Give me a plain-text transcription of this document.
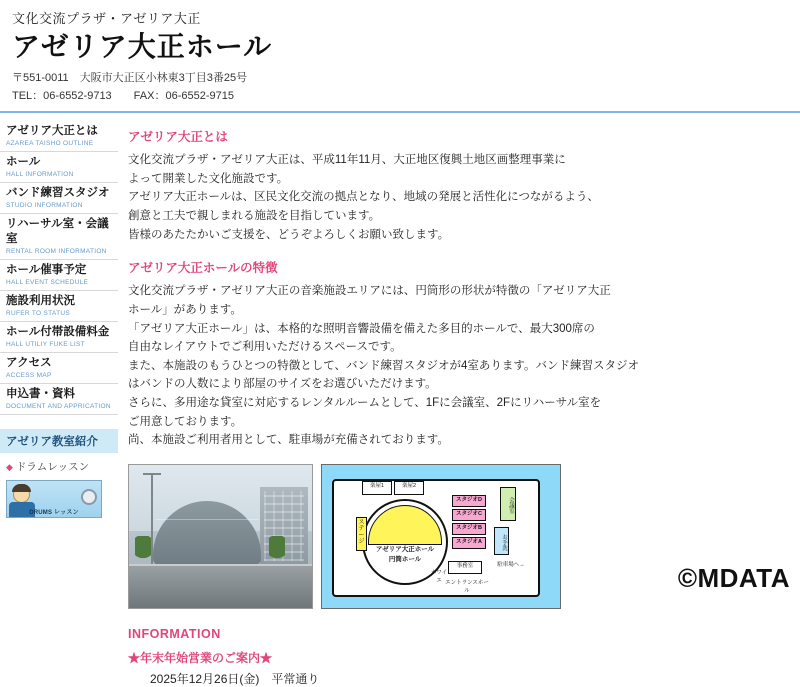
文化交流プラザ・アゼリア大正
アゼリア大正ホール
〒551-0011　大阪市大正区小林東3丁目3番25号
TEL：06-6552-9713　　FAX：06-6552-9715
アゼリア大正とは
AZAREA TAISHO OUTLINE
ホール
HALL INFORMATION
バンド練習スタジオ
STUDIO INFORMATION
リハーサル室・会議室
RENTAL ROOM INFORMATION
ホール催事予定
HALL EVENT SCHEDULE
施設利用状況
RUFER TO STATUS
ホール付帯設備料金
HALL UTILIY FUKE LIST
アクセス
ACCESS MAP
申込書・資料
DOCUMENT AND APPRICATION
アゼリア教室紹介
◆ ドラムレッスン
DRUMS レッスン
アゼリア大正とは

文化交流プラザ・アゼリア大正は、平成11年11月、大正地区復興土地区画整理事業に

よって開業した文化施設です。

アゼリア大正ホールは、区民文化交流の拠点となり、地域の発展と活性化につながるよう、

創意と工夫で親しまれる施設を目指しています。

皆様のあたたかいご支援を、どうぞよろしくお願い致します。

アゼリア大正ホールの特徴

文化交流プラザ・アゼリア大正の音楽施設エリアには、円筒形の形状が特徴の「アゼリア大正

ホール」があります。

「アゼリア大正ホール」は、本格的な照明音響設備を備えた多目的ホールで、最大300席の

自由なレイアウトでご利用いただけるスペースです。

また、本施設のもうひとつの特徴として、バンド練習スタジオが4室あります。バンド練習スタジオ

はバンドの人数により部屋のサイズをお選びいただけます。

さらに、多用途な貸室に対応するレンタルルームとして、1Fに会議室、2Fにリハーサル室を

ご用意しております。

尚、本施設ご利用者用として、駐車場が充備されております。

楽屋1	楽屋2
スタジオD
スタジオC
スタジオB
スタジオA
会議室
お手洗
事務室	駐車場へ→
ステージ
アゼリア大正ホール
円筒ホール
ホワイエ エントランスホール
INFORMATION
★年末年始営業のご案内★
2025年12月26日(金)　平常通り
©MDATA
